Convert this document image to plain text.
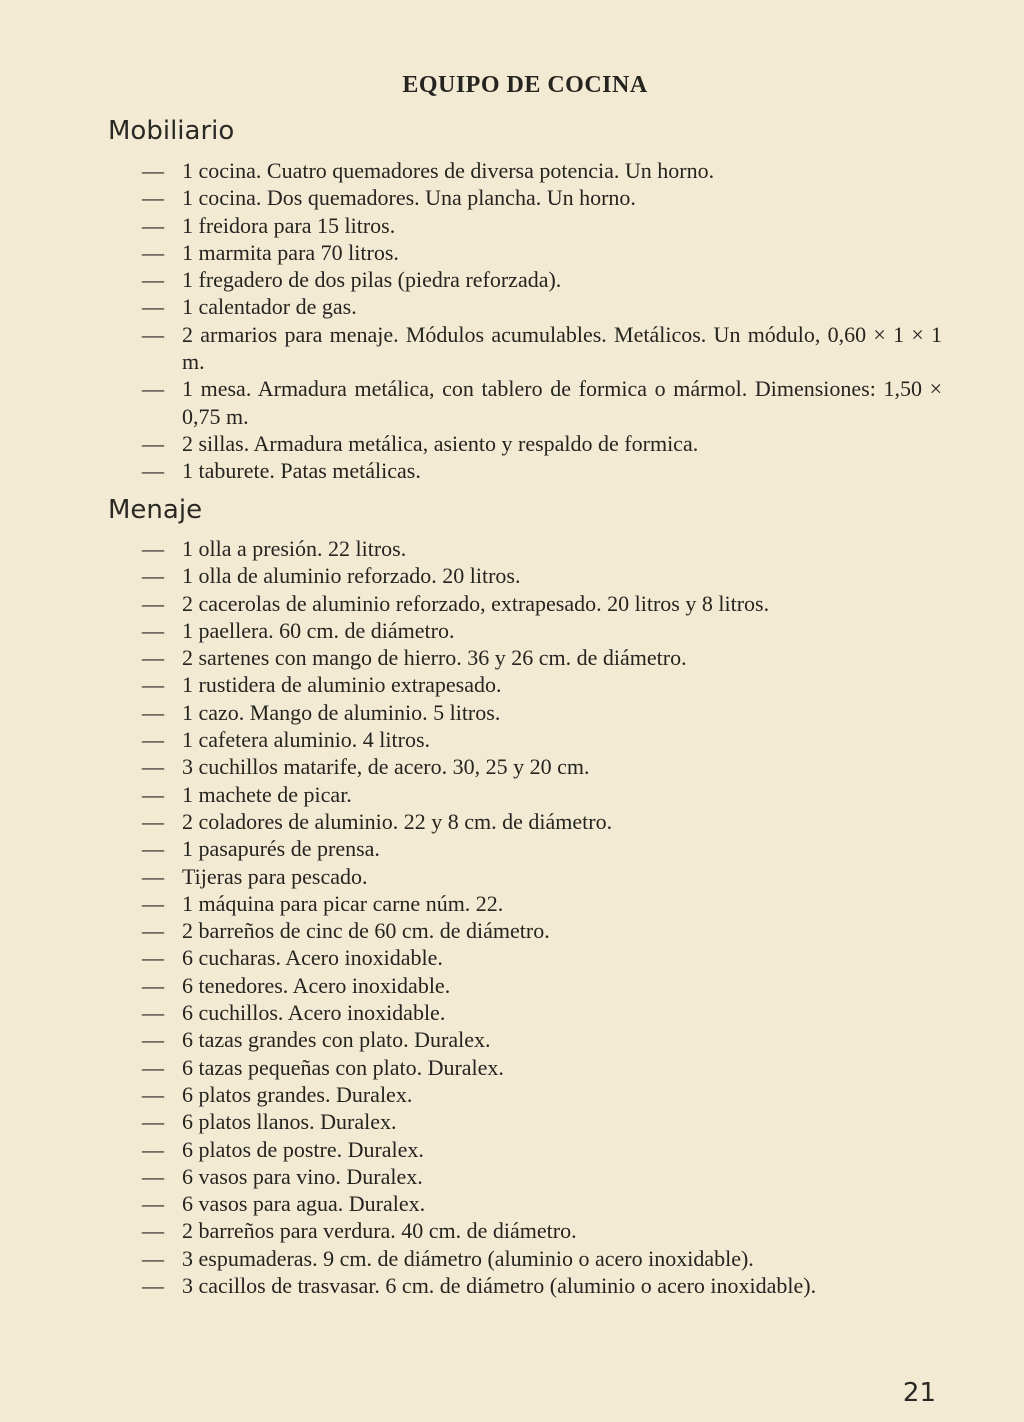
EQUIPO DE COCINA
Mobiliario
— 1 cocina. Cuatro quemadores de diversa potencia. Un horno.
— 1 cocina. Dos quemadores. Una plancha. Un horno.
— 1 freidora para 15 litros.
— 1 marmita para 70 litros.
— 1 fregadero de dos pilas (piedra reforzada).
— 1 calentador de gas.
— 2 armarios para menaje. Módulos acumulables. Metálicos. Un módulo, 0,60 × 1 × 1 m.
— 1 mesa. Armadura metálica, con tablero de formica o mármol. Dimensiones: 1,50 × 0,75 m.
— 2 sillas. Armadura metálica, asiento y respaldo de formica.
— 1 taburete. Patas metálicas.
Menaje
— 1 olla a presión. 22 litros.
— 1 olla de aluminio reforzado. 20 litros.
— 2 cacerolas de aluminio reforzado, extrapesado. 20 litros y 8 litros.
— 1 paellera. 60 cm. de diámetro.
— 2 sartenes con mango de hierro. 36 y 26 cm. de diámetro.
— 1 rustidera de aluminio extrapesado.
— 1 cazo. Mango de aluminio. 5 litros.
— 1 cafetera aluminio. 4 litros.
— 3 cuchillos matarife, de acero. 30, 25 y 20 cm.
— 1 machete de picar.
— 2 coladores de aluminio. 22 y 8 cm. de diámetro.
— 1 pasapurés de prensa.
— Tijeras para pescado.
— 1 máquina para picar carne núm. 22.
— 2 barreños de cinc de 60 cm. de diámetro.
— 6 cucharas. Acero inoxidable.
— 6 tenedores. Acero inoxidable.
— 6 cuchillos. Acero inoxidable.
— 6 tazas grandes con plato. Duralex.
— 6 tazas pequeñas con plato. Duralex.
— 6 platos grandes. Duralex.
— 6 platos llanos. Duralex.
— 6 platos de postre. Duralex.
— 6 vasos para vino. Duralex.
— 6 vasos para agua. Duralex.
— 2 barreños para verdura. 40 cm. de diámetro.
— 3 espumaderas. 9 cm. de diámetro (aluminio o acero inoxidable).
— 3 cacillos de trasvasar. 6 cm. de diámetro (aluminio o acero inoxidable).
21
